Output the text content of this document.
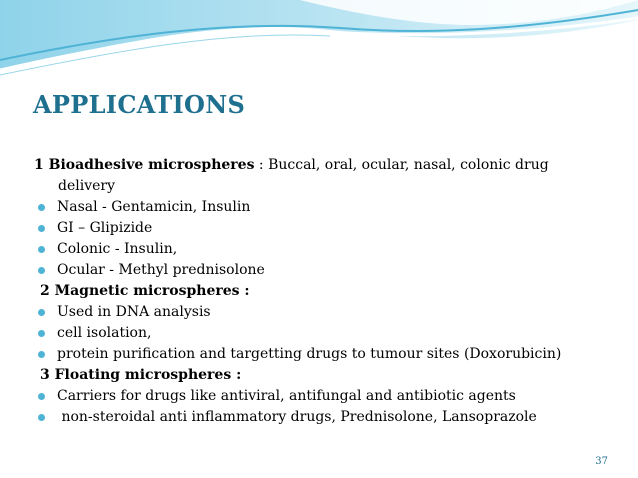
APPLICATIONS
1 Bioadhesive microspheres : Buccal, oral, ocular, nasal, colonic drug
delivery
Nasal - Gentamicin, Insulin
GI – Glipizide
Colonic - Insulin,
Ocular - Methyl prednisolone
2 Magnetic microspheres :
Used in DNA analysis
cell isolation,
protein purification and targetting drugs to tumour sites (Doxorubicin)
3 Floating microspheres :
Carriers for drugs like antiviral, antifungal and antibiotic agents
non-steroidal anti inflammatory drugs, Prednisolone, Lansoprazole
37
